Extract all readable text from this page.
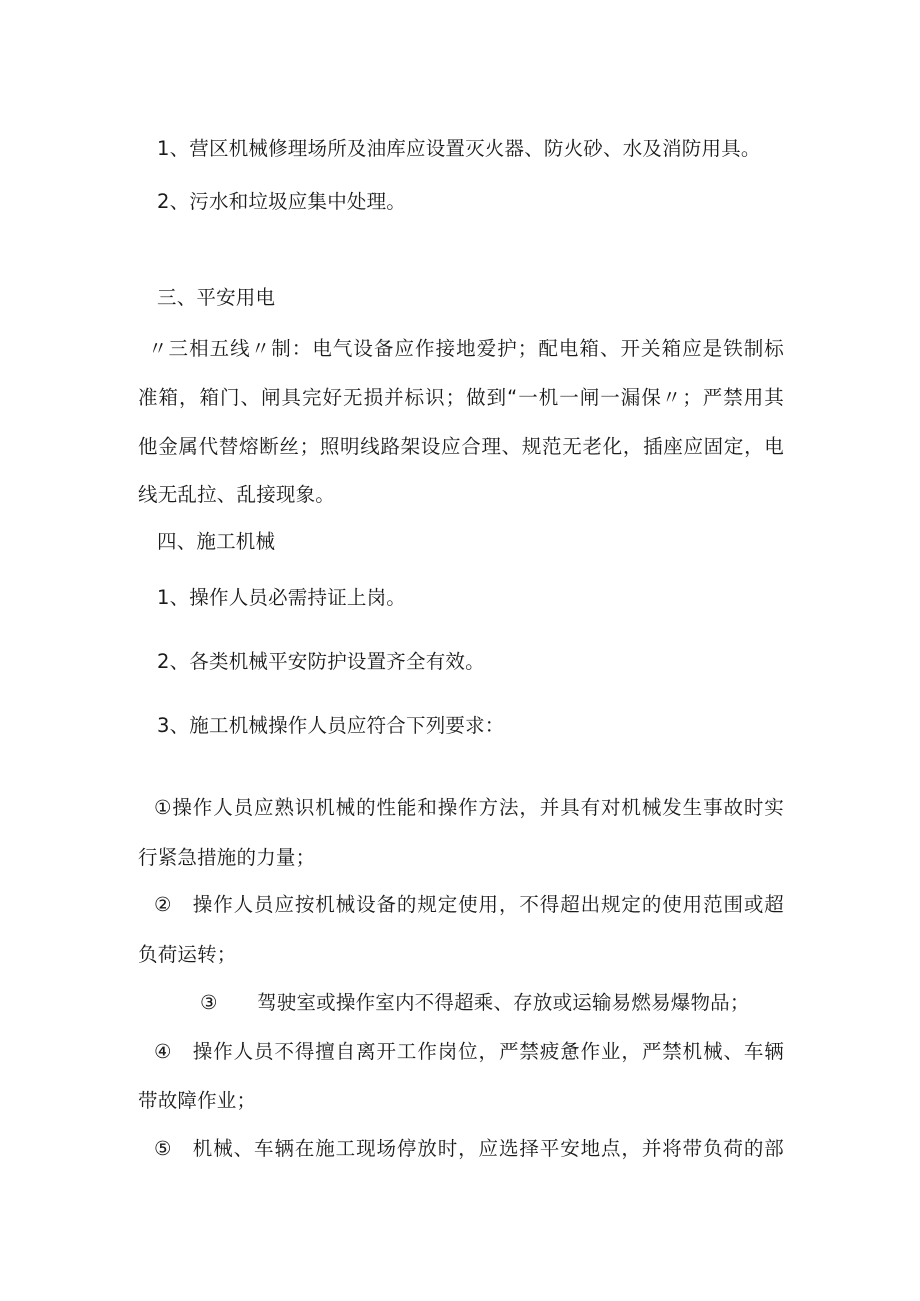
1、营区机械修理场所及油库应设置灭火器、防火砂、水及消防用具。
2、污水和垃圾应集中处理。
三、平安用电
〃三相五线〃制：电气设备应作接地爱护；配电箱、开关箱应是铁制标
准箱，箱门、闸具完好无损并标识；做到“一机一闸一漏保〃；严禁用其
他金属代替熔断丝；照明线路架设应合理、规范无老化，插座应固定，电
线无乱拉、乱接现象。
四、施工机械
1、操作人员必需持证上岗。
2、各类机械平安防护设置齐全有效。
3、施工机械操作人员应符合下列要求：
①操作人员应熟识机械的性能和操作方法，并具有对机械发生事故时实
行紧急措施的力量；
②　操作人员应按机械设备的规定使用，不得超出规定的使用范围或超
负荷运转；
③　　驾驶室或操作室内不得超乘、存放或运输易燃易爆物品；
④　操作人员不得擅自离开工作岗位，严禁疲惫作业，严禁机械、车辆
带故障作业；
⑤　机械、车辆在施工现场停放时，应选择平安地点，并将带负荷的部
